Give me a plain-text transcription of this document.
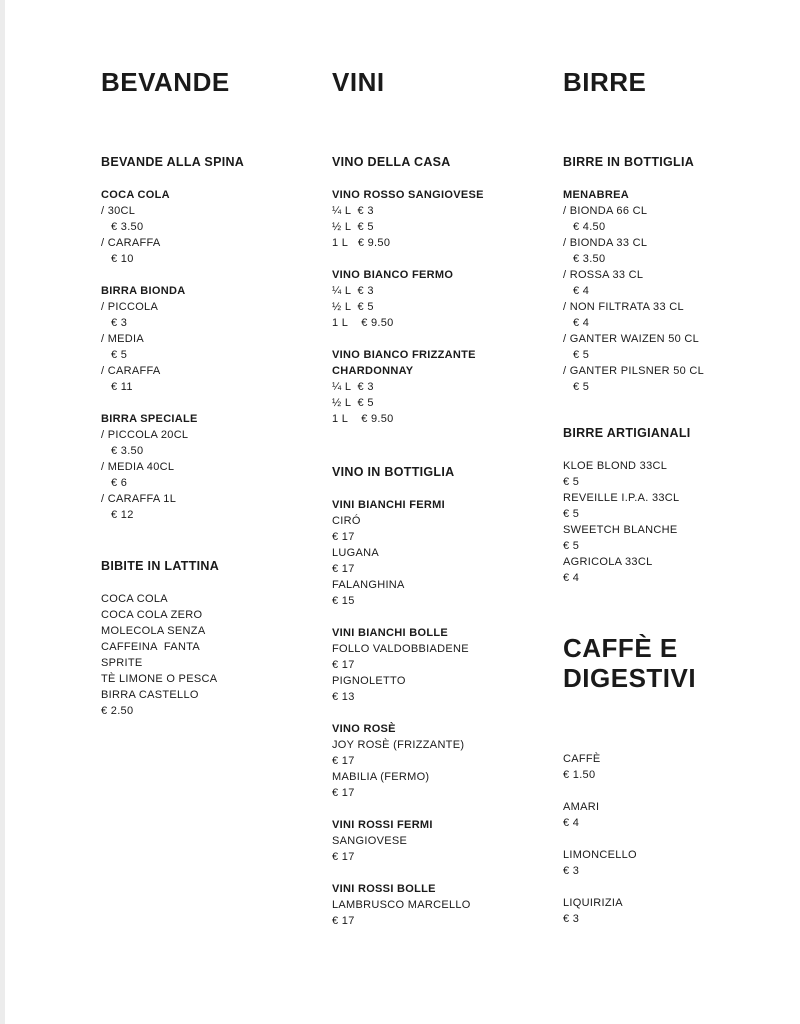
BEVANDE	VINI	BIRRE
CAFFÈ E
DIGESTIVI
BEVANDE ALLA SPINA
COCA COLA
/ 30CL
€ 3.50
/ CARAFFA
€ 10
BIRRA BIONDA
/ PICCOLA
€ 3
/ MEDIA
€ 5
/ CARAFFA
€ 11
BIRRA SPECIALE
/ PICCOLA 20CL
€ 3.50
/ MEDIA 40CL
€ 6
/ CARAFFA 1L
€ 12
BIBITE IN LATTINA
COCA COLA
COCA COLA ZERO
MOLECOLA SENZA
CAFFEINA  FANTA
SPRITE
TÈ LIMONE O PESCA
BIRRA CASTELLO
€ 2.50
VINO DELLA CASA
VINO ROSSO SANGIOVESE
¼ L  € 3
½ L  € 5
1 L   € 9.50
VINO BIANCO FERMO
¼ L  € 3
½ L  € 5
1 L    € 9.50
VINO BIANCO FRIZZANTE
CHARDONNAY
¼ L  € 3
½ L  € 5
1 L    € 9.50
VINO IN BOTTIGLIA
VINI BIANCHI FERMI
CIRÓ
€ 17
LUGANA
€ 17
FALANGHINA
€ 15
VINI BIANCHI BOLLE
FOLLO VALDOBBIADENE
€ 17
PIGNOLETTO
€ 13
VINO ROSÈ
JOY ROSÈ (FRIZZANTE)
€ 17
MABILIA (FERMO)
€ 17
VINI ROSSI FERMI
SANGIOVESE
€ 17
VINI ROSSI BOLLE
LAMBRUSCO MARCELLO
€ 17
BIRRE IN BOTTIGLIA
MENABREA
/ BIONDA 66 CL
€ 4.50
/ BIONDA 33 CL
€ 3.50
/ ROSSA 33 CL
€ 4
/ NON FILTRATA 33 CL
€ 4
/ GANTER WAIZEN 50 CL
€ 5
/ GANTER PILSNER 50 CL
€ 5
BIRRE ARTIGIANALI
KLOE BLOND 33CL
€ 5
REVEILLE I.P.A. 33CL
€ 5
SWEETCH BLANCHE
€ 5
AGRICOLA 33CL
€ 4
CAFFÈ
€ 1.50
AMARI
€ 4
LIMONCELLO
€ 3
LIQUIRIZIA
€ 3
